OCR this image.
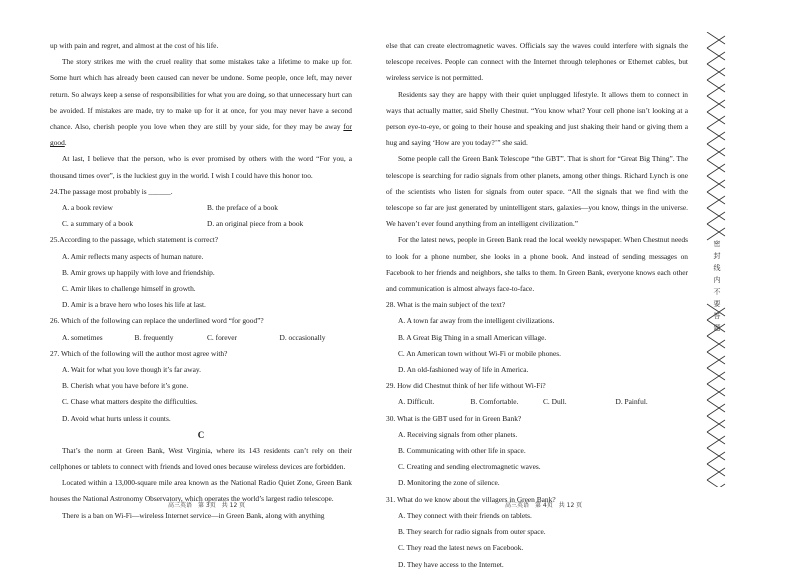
up with pain and regret, and almost at the cost of his life.

The story strikes me with the cruel reality that some mistakes take a lifetime to make up for. Some hurt which has already been caused can never be undone. Some people, once left, may never return. So always keep a sense of responsibilities for what you are doing, so that unnecessary hurt can be avoided. If mistakes are made, try to make up for it at once, for you may never have a second chance. Also, cherish people you love when they are still by your side, for they may be away for good.

At last, I believe that the person, who is ever promised by others with the word “For you, a thousand times over”, is the luckiest guy in the world. I wish I could have this honor too.

24.The passage most probably is ______.

A. a book review	B. the preface of a book
C. a summary of a book	D. an original piece from a book

25.According to the passage, which statement is correct?

A. Amir reflects many aspects of human nature.

B. Amir grows up happily with love and friendship.

C. Amir likes to challenge himself in growth.

D. Amir is a brave hero who loses his life at last.

26. Which of the following can replace the underlined word “for good”?

A. sometimes	B. frequently	C. forever	D. occasionally

27. Which of the following will the author most agree with?

A. Wait for what you love though it’s far away.

B. Cherish what you have before it’s gone.

C. Chase what matters despite the difficulties.

D. Avoid what hurts unless it counts.

C

That’s the norm at Green Bank, West Virginia, where its 143 residents can’t rely on their cellphones or tablets to connect with friends and loved ones because wireless devices are forbidden.

Located within a 13,000-square mile area known as the National Radio Quiet Zone, Green Bank houses the National Astronomy Observatory, which operates the world’s largest radio telescope.

There is a ban on Wi-Fi—wireless Internet service—in Green Bank, along with anything

else that can create electromagnetic waves. Officials say the waves could interfere with signals the telescope receives. People can connect with the Internet through telephones or Ethernet cables, but wireless service is not permitted.

Residents say they are happy with their quiet unplugged lifestyle. It allows them to connect in ways that actually matter, said Shelly Chestnut. “You know what? Your cell phone isn’t looking at a person eye-to-eye, or going to their house and speaking and just shaking their hand or giving them a hug and saying ‘How are you today?’” she said.

Some people call the Green Bank Telescope “the GBT”. That is short for “Great Big Thing”. The telescope is searching for radio signals from other planets, among other things. Richard Lynch is one of the scientists who listen for signals from outer space. “All the signals that we find with the telescope so far are just generated by unintelligent stars, galaxies—you know, things in the universe. We haven’t ever found anything from an intelligent civilization.”

For the latest news, people in Green Bank read the local weekly newspaper. When Chestnut needs to look for a phone number, she looks in a phone book. And instead of sending messages on Facebook to her friends and neighbors, she talks to them. In Green Bank, everyone knows each other and communication is almost always face-to-face.

28. What is the main subject of the text?

A. A town far away from the intelligent civilizations.

B. A Great Big Thing in a small American village.

C. An American town without Wi-Fi or mobile phones.

D. An old-fashioned way of life in America.

29. How did Chestnut think of her life without Wi-Fi?

A. Difficult.	B. Comfortable.	C. Dull.	D. Painful.

30. What is the GBT used for in Green Bank?

A. Receiving signals from other planets.

B. Communicating with other life in space.

C. Creating and sending electromagnetic waves.

D. Monitoring the zone of silence.

31. What do we know about the villagers in Green Bank?

A. They connect with their friends on tablets.

B. They search for radio signals from outer space.

C. They read the latest news on Facebook.

D. They have access to the Internet.

高三英语　第 3页　共 12 页	高三英语　第 4页　共 12 页
密
封
线
内
不
要
答
题
